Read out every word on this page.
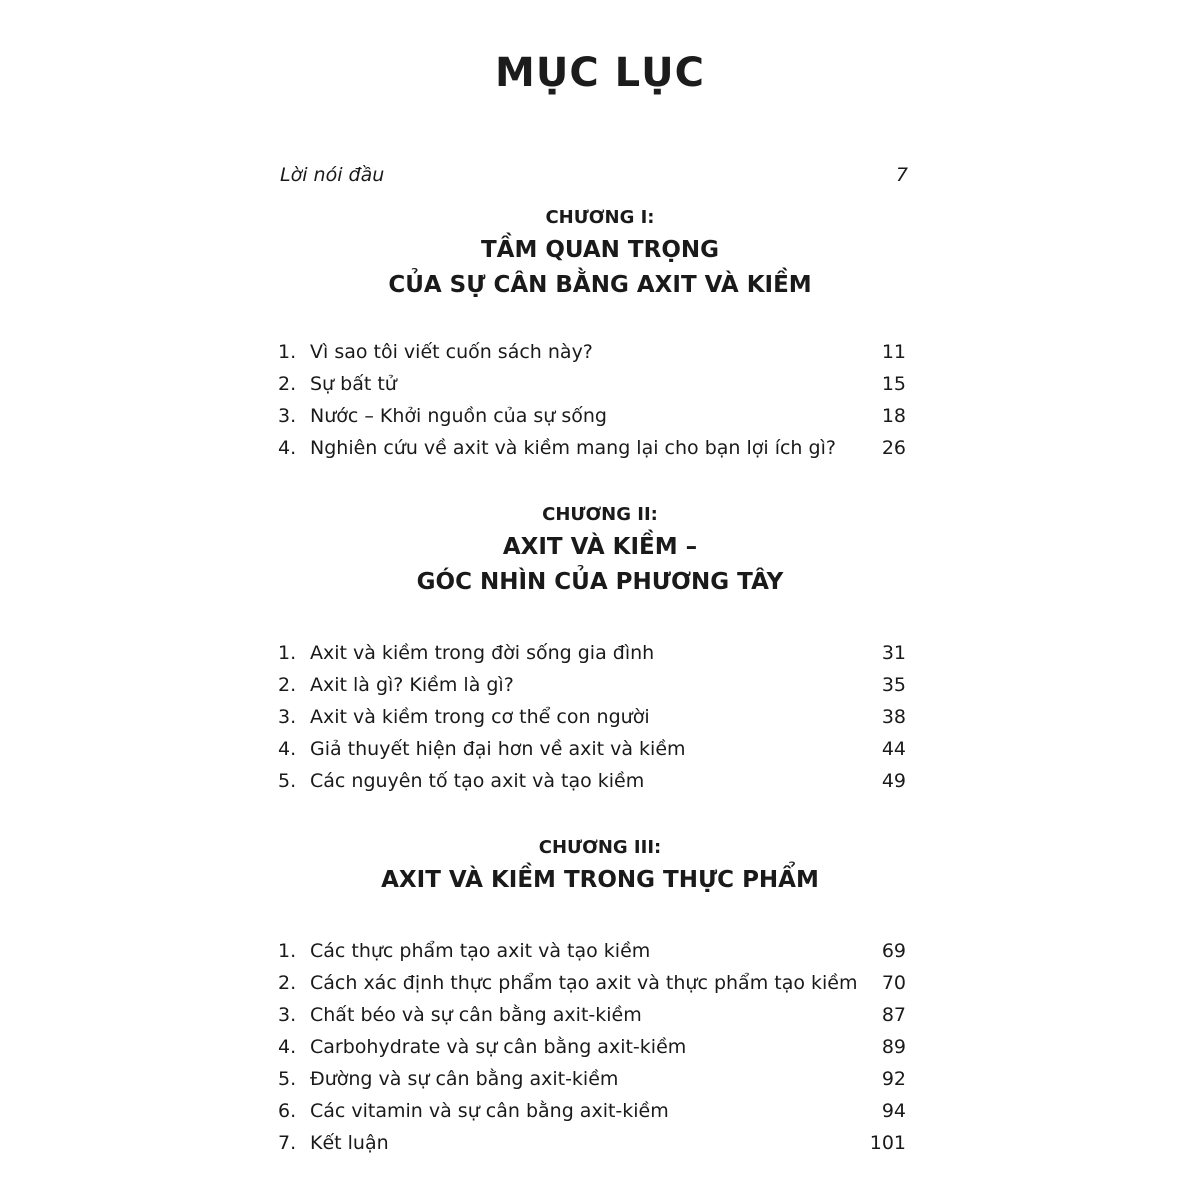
MỤC LỤC
Lời nói đầu	7
CHƯƠNG I:
TẦM QUAN TRỌNG
CỦA SỰ CÂN BẰNG AXIT VÀ KIỀM
1. Vì sao tôi viết cuốn sách này?	11
2. Sự bất tử	15
3. Nước – Khởi nguồn của sự sống	18
4. Nghiên cứu về axit và kiềm mang lại cho bạn lợi ích gì? 26
CHƯƠNG II:
AXIT VÀ KIỀM –
GÓC NHÌN CỦA PHƯƠNG TÂY
1. Axit và kiềm trong đời sống gia đình	31
2. Axit là gì? Kiềm là gì?	35
3. Axit và kiềm trong cơ thể con người	38
4. Giả thuyết hiện đại hơn về axit và kiềm	44
5. Các nguyên tố tạo axit và tạo kiềm	49
CHƯƠNG III:
AXIT VÀ KIỀM TRONG THỰC PHẨM
1. Các thực phẩm tạo axit và tạo kiềm	69
2. Cách xác định thực phẩm tạo axit và thực phẩm tạo kiềm 70
3. Chất béo và sự cân bằng axit-kiềm	87
4. Carbohydrate và sự cân bằng axit-kiềm	89
5. Đường và sự cân bằng axit-kiềm	92
6. Các vitamin và sự cân bằng axit-kiềm	94
7. Kết luận	101
